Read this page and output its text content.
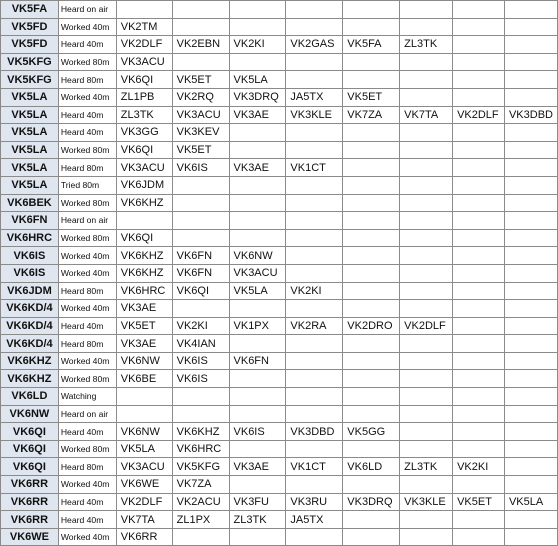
VK5FA	Heard on air								
VK5FD	Worked 40m	VK2TM							
VK5FD	Heard 40m	VK2DLF	VK2EBN	VK2KI	VK2GAS	VK5FA	ZL3TK		
VK5KFG	Worked 80m	VK3ACU							
VK5KFG	Heard 80m	VK6QI	VK5ET	VK5LA					
VK5LA	Worked 40m	ZL1PB	VK2RQ	VK3DRQ	JA5TX	VK5ET			
VK5LA	Heard 40m	ZL3TK	VK3ACU	VK3AE	VK3KLE	VK7ZA	VK7TA	VK2DLF	VK3DBD
VK5LA	Heard 40m	VK3GG	VK3KEV						
VK5LA	Worked 80m	VK6QI	VK5ET						
VK5LA	Heard 80m	VK3ACU	VK6IS	VK3AE	VK1CT				
VK5LA	Tried 80m	VK6JDM							
VK6BEK	Worked 80m	VK6KHZ							
VK6FN	Heard on air								
VK6HRC	Worked 80m	VK6QI							
VK6IS	Worked 40m	VK6KHZ	VK6FN	VK6NW					
VK6IS	Worked 40m	VK6KHZ	VK6FN	VK3ACU					
VK6JDM	Heard 80m	VK6HRC	VK6QI	VK5LA	VK2KI				
VK6KD/4	Worked 40m	VK3AE							
VK6KD/4	Heard 40m	VK5ET	VK2KI	VK1PX	VK2RA	VK2DRO	VK2DLF		
VK6KD/4	Heard 80m	VK3AE	VK4IAN						
VK6KHZ	Worked 40m	VK6NW	VK6IS	VK6FN					
VK6KHZ	Worked 80m	VK6BE	VK6IS						
VK6LD	Watching								
VK6NW	Heard on air								
VK6QI	Heard 40m	VK6NW	VK6KHZ	VK6IS	VK3DBD	VK5GG			
VK6QI	Worked 80m	VK5LA	VK6HRC						
VK6QI	Heard 80m	VK3ACU	VK5KFG	VK3AE	VK1CT	VK6LD	ZL3TK	VK2KI	
VK6RR	Worked 40m	VK6WE	VK7ZA						
VK6RR	Heard 40m	VK2DLF	VK2ACU	VK3FU	VK3RU	VK3DRQ	VK3KLE	VK5ET	VK5LA
VK6RR	Heard 40m	VK7TA	ZL1PX	ZL3TK	JA5TX				
VK6WE	Worked 40m	VK6RR							
